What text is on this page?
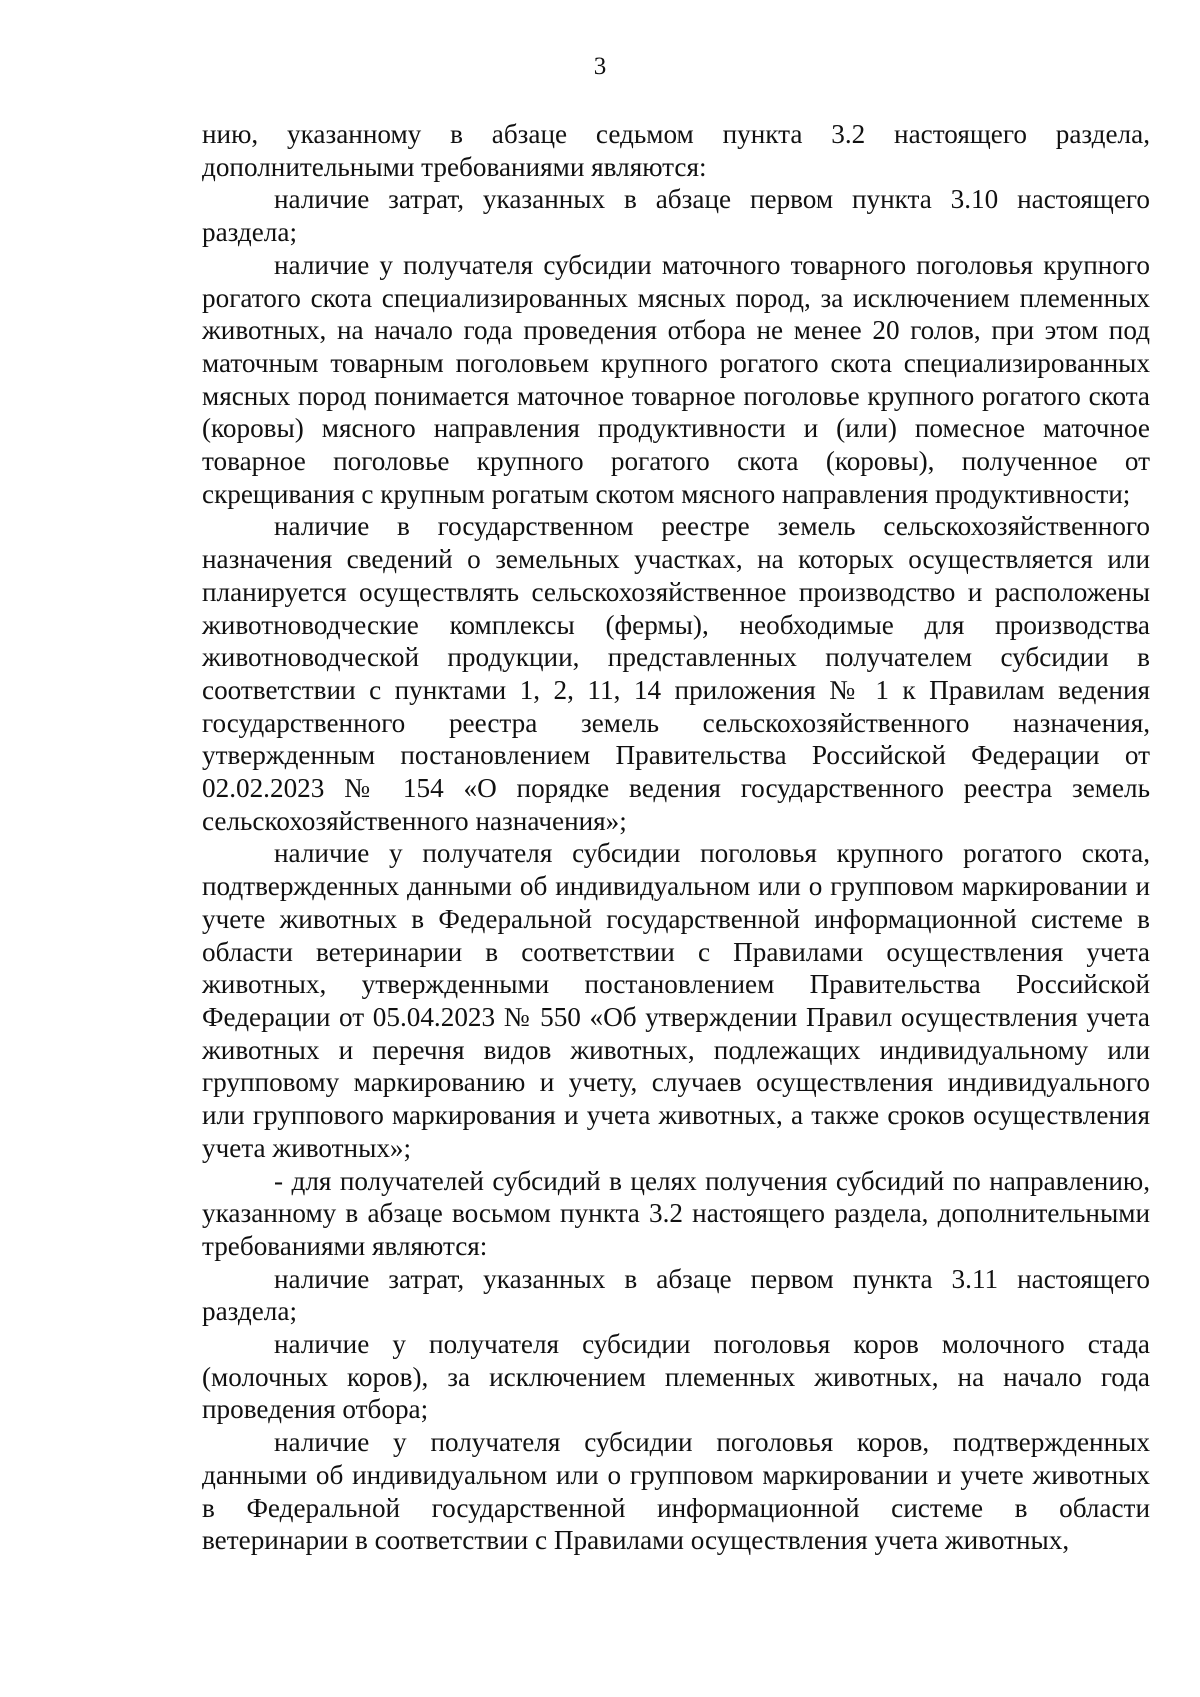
3

нию, указанному в абзаце седьмом пункта 3.2 настоящего раздела, дополнительными требованиями являются:

наличие затрат, указанных в абзаце первом пункта 3.10 настоящего раздела;

наличие у получателя субсидии маточного товарного поголовья крупного рогатого скота специализированных мясных пород, за исключением племенных животных, на начало года проведения отбора не менее 20 голов, при этом под маточным товарным поголовьем крупного рогатого скота специализированных мясных пород понимается маточное товарное поголовье крупного рогатого скота (коровы) мясного направления продуктивности и (или) помесное маточное товарное поголовье крупного рогатого скота (коровы), полученное от скрещивания с крупным рогатым скотом мясного направления продуктивности;

наличие в государственном реестре земель сельскохозяйственного назначения сведений о земельных участках, на которых осуществляется или планируется осуществлять сельскохозяйственное производство и расположены животноводческие комплексы (фермы), необходимые для производства животноводческой продукции, представленных получателем субсидии в соответствии с пунктами 1, 2, 11, 14 приложения № 1 к Правилам ведения государственного реестра земель сельскохозяйственного назначения, утвержденным постановлением Правительства Российской Федерации от 02.02.2023 № 154 «О порядке ведения государственного реестра земель сельскохозяйственного назначения»;

наличие у получателя субсидии поголовья крупного рогатого скота, подтвержденных данными об индивидуальном или о групповом маркировании и учете животных в Федеральной государственной информационной системе в области ветеринарии в соответствии с Правилами осуществления учета животных, утвержденными постановлением Правительства Российской Федерации от 05.04.2023 № 550 «Об утверждении Правил осуществления учета животных и перечня видов животных, подлежащих индивидуальному или групповому маркированию и учету, случаев осуществления индивидуального или группового маркирования и учета животных, а также сроков осуществления учета животных»;

- для получателей субсидий в целях получения субсидий по направлению, указанному в абзаце восьмом пункта 3.2 настоящего раздела, дополнительными требованиями являются:

наличие затрат, указанных в абзаце первом пункта 3.11 настоящего раздела;

наличие у получателя субсидии поголовья коров молочного стада (молочных коров), за исключением племенных животных, на начало года проведения отбора;

наличие у получателя субсидии поголовья коров, подтвержденных данными об индивидуальном или о групповом маркировании и учете животных в Федеральной государственной информационной системе в области ветеринарии в соответствии с Правилами осуществления учета животных,
